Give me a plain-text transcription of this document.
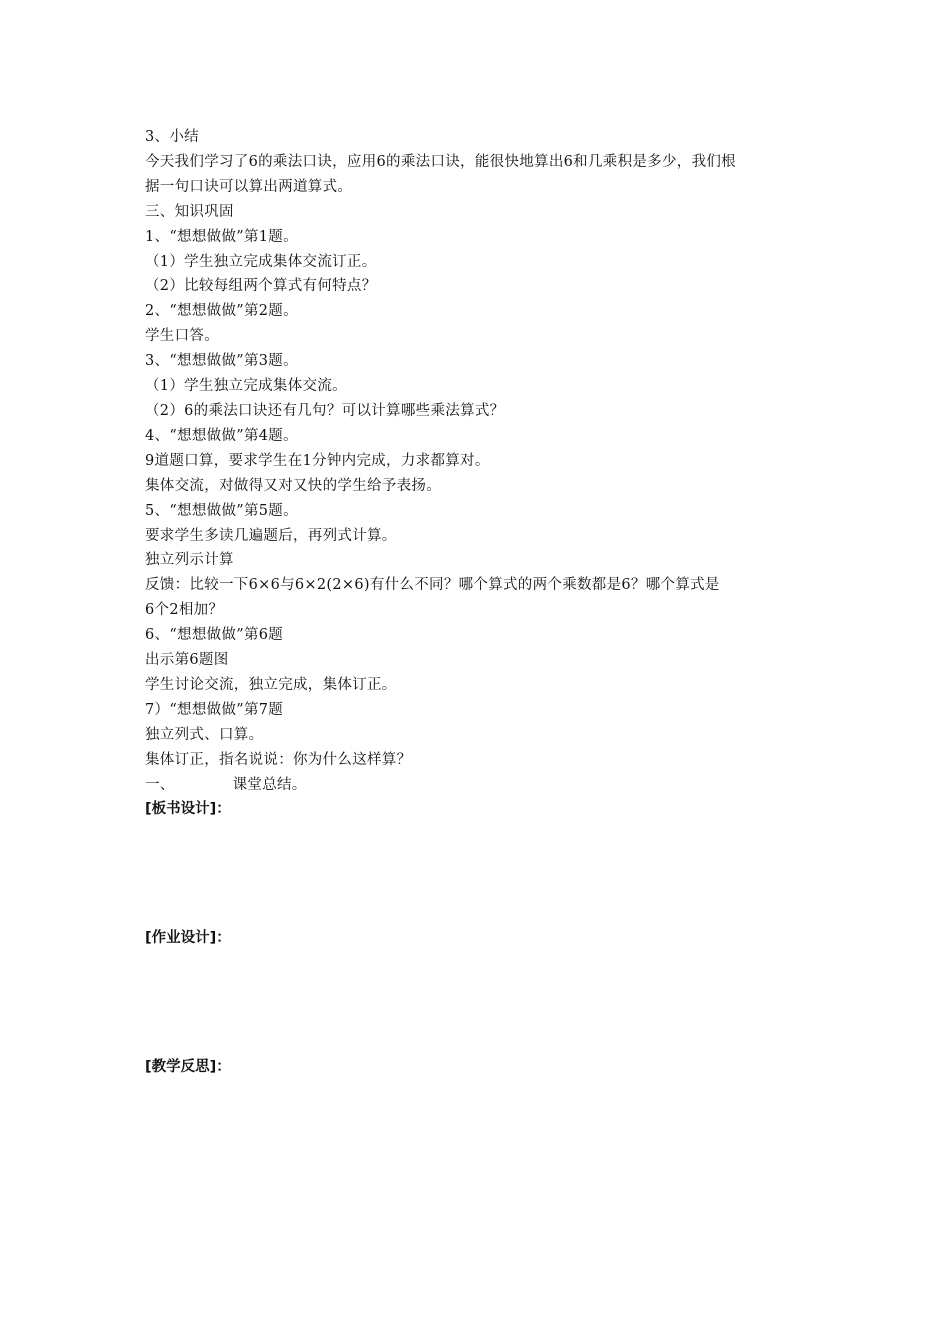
3、小结
今天我们学习了6的乘法口诀，应用6的乘法口诀，能很快地算出6和几乘积是多少，我们根
据一句口诀可以算出两道算式。
三、知识巩固
1、“想想做做”第1题。
（1）学生独立完成集体交流订正。
（2）比较每组两个算式有何特点？
2、“想想做做”第2题。
学生口答。
3、“想想做做”第3题。
（1）学生独立完成集体交流。
（2）6的乘法口诀还有几句？可以计算哪些乘法算式？
4、“想想做做”第4题。
9道题口算，要求学生在1分钟内完成，力求都算对。
集体交流，对做得又对又快的学生给予表扬。
5、“想想做做”第5题。
要求学生多读几遍题后，再列式计算。
独立列示计算
反馈：比较一下6×6与6×2(2×6)有什么不同？哪个算式的两个乘数都是6？哪个算式是
6个2相加？
6、“想想做做”第6题
出示第6题图
学生讨论交流，独立完成，集体订正。
7）“想想做做”第7题
独立列式、口算。
集体订正，指名说说：你为什么这样算？
一、	课堂总结。
[板书设计]：
[作业设计]：
[教学反思]：
